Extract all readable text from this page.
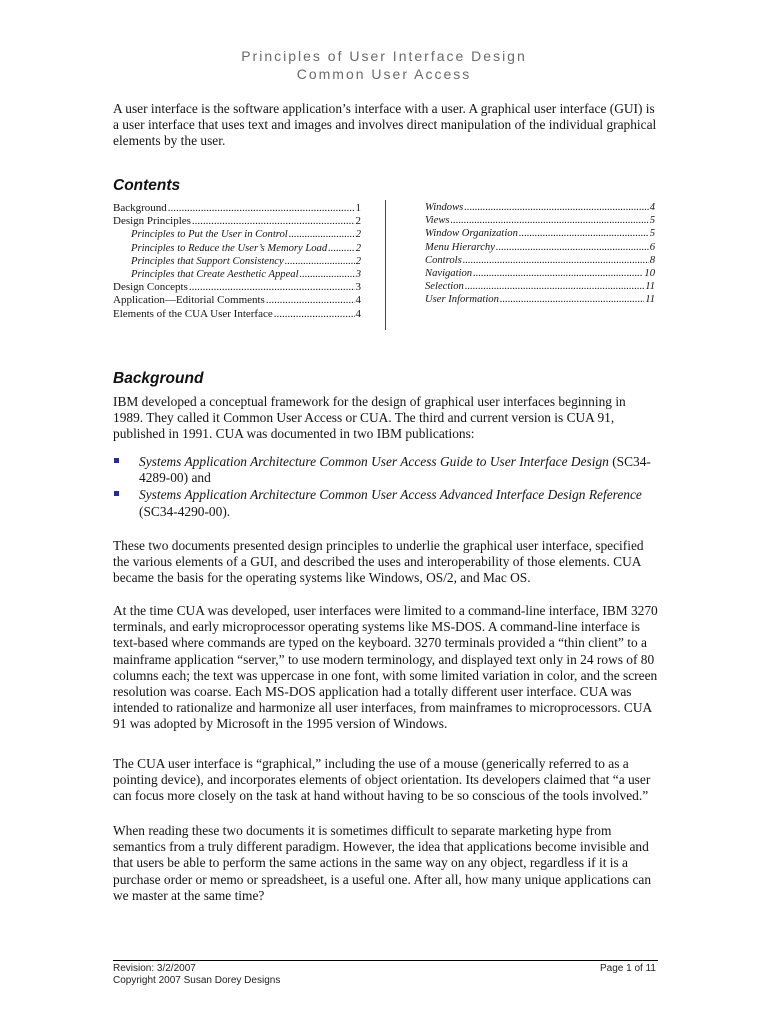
Principles of User Interface Design
Common User Access

A user interface is the software application’s interface with a user. A graphical user interface (GUI) is a user interface that uses text and images and involves direct manipulation of the individual graphical elements by the user.

Contents
Background .....	1
Design Principles .....	2
Principles to Put the User in Control .....	2
Principles to Reduce the User’s Memory Load .....	2
Principles that Support Consistency .....	2
Principles that Create Aesthetic Appeal .....	3
Design Concepts .....	3
Application—Editorial Comments .....	4
Elements of the CUA User Interface .....	4
Windows .....	4
Views .....	5
Window Organization .....	5
Menu Hierarchy .....	6
Controls .....	8
Navigation .....	10
Selection .....	11
User Information .....	11
Background

IBM developed a conceptual framework for the design of graphical user interfaces beginning in 1989. They called it Common User Access or CUA. The third and current version is CUA 91, published in 1991. CUA was documented in two IBM publications:

Systems Application Architecture Common User Access Guide to User Interface Design (SC34-4289-00) and
Systems Application Architecture Common User Access Advanced Interface Design Reference (SC34-4290-00).

These two documents presented design principles to underlie the graphical user interface, specified the various elements of a GUI, and described the uses and interoperability of those elements. CUA became the basis for the operating systems like Windows, OS/2, and Mac OS.

At the time CUA was developed, user interfaces were limited to a command-line interface, IBM 3270 terminals, and early microprocessor operating systems like MS-DOS. A command-line interface is text-based where commands are typed on the keyboard. 3270 terminals provided a “thin client” to a mainframe application “server,” to use modern terminology, and displayed text only in 24 rows of 80 columns each; the text was uppercase in one font, with some limited variation in color, and the screen resolution was coarse. Each MS-DOS application had a totally different user interface. CUA was intended to rationalize and harmonize all user interfaces, from mainframes to microprocessors. CUA 91 was adopted by Microsoft in the 1995 version of Windows.

The CUA user interface is “graphical,” including the use of a mouse (generically referred to as a pointing device), and incorporates elements of object orientation. Its developers claimed that “a user can focus more closely on the task at hand without having to be so conscious of the tools involved.”

When reading these two documents it is sometimes difficult to separate marketing hype from semantics from a truly different paradigm. However, the idea that applications become invisible and that users be able to perform the same actions in the same way on any object, regardless if it is a purchase order or memo or spreadsheet, is a useful one. After all, how many unique applications can we master at the same time?

Revision: 3/2/2007
Copyright 2007 Susan Dorey Designs
Page 1 of 11
